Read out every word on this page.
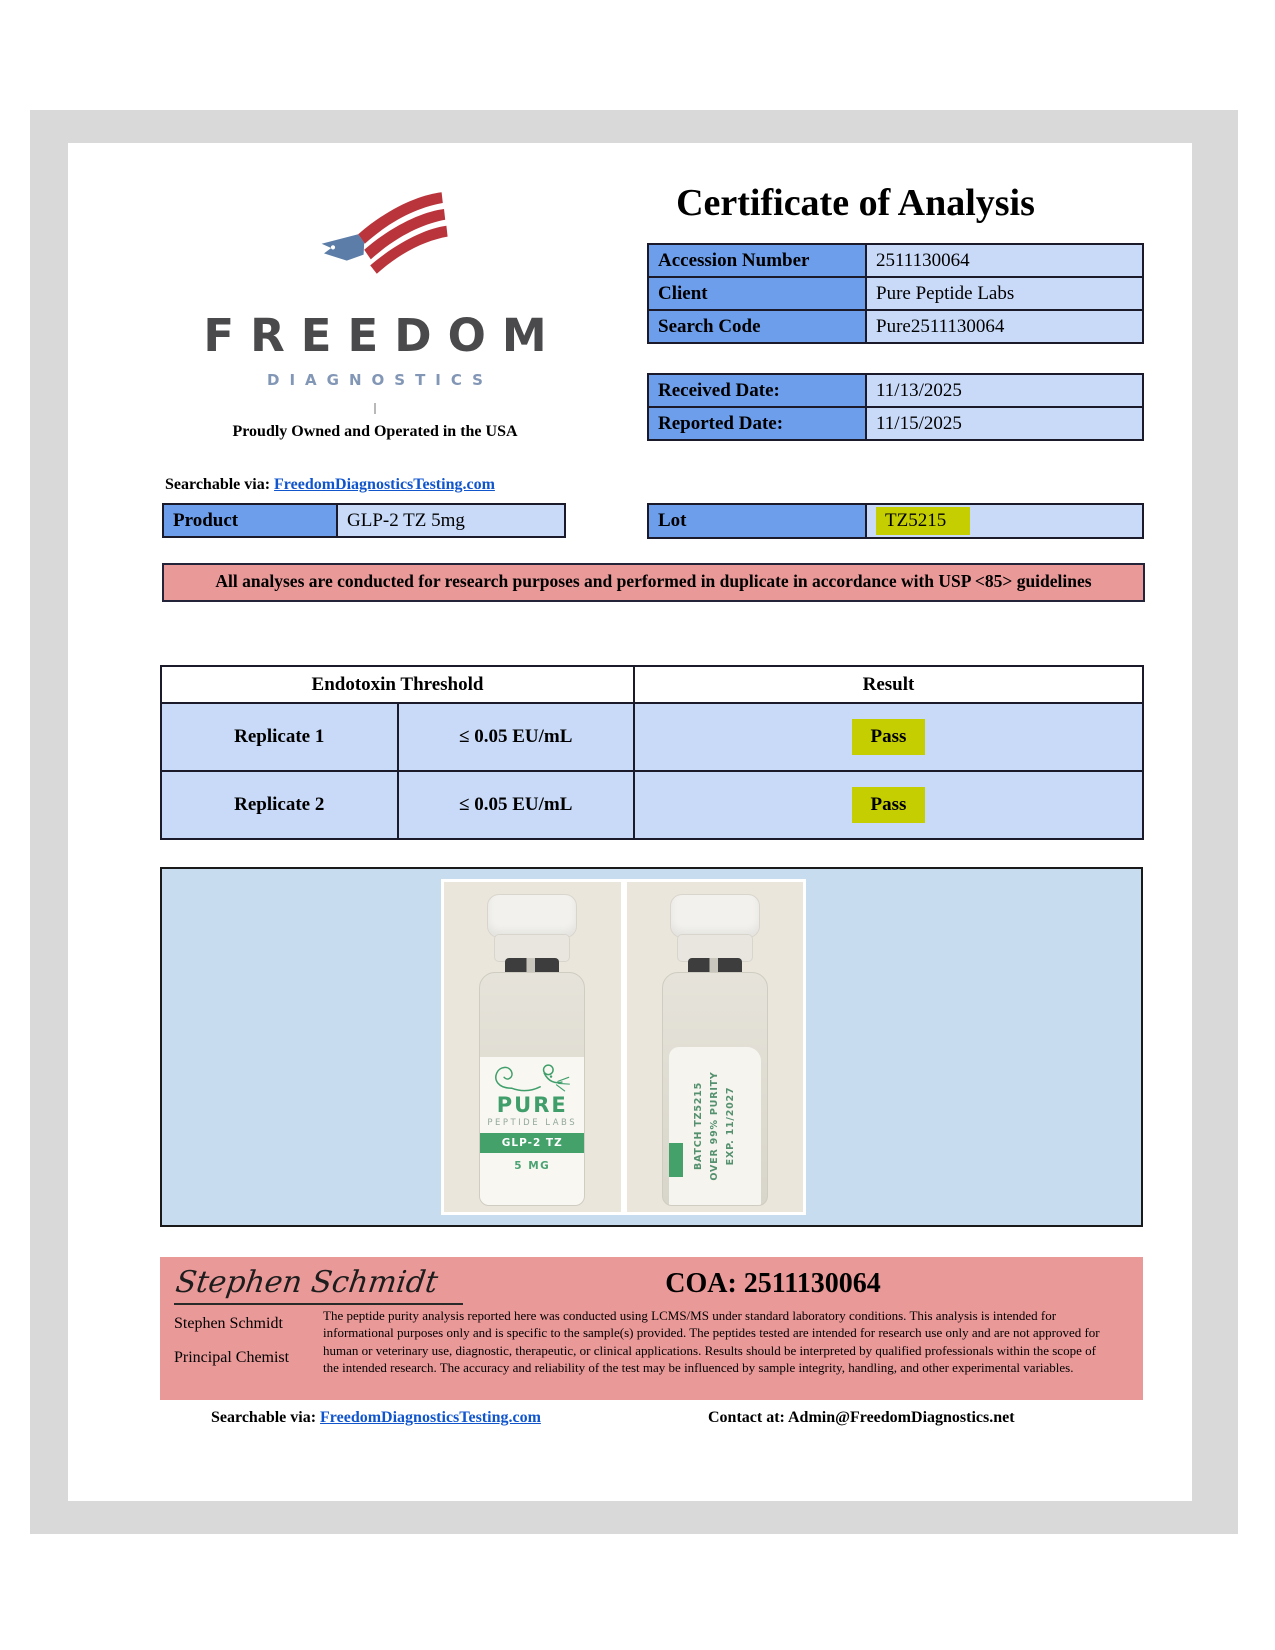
FREEDOM
DIAGNOSTICS
Proudly Owned and Operated in the USA
Searchable via: FreedomDiagnosticsTesting.com
Certificate of Analysis
Accession Number	2511130064
Client	Pure Peptide Labs
Search Code	Pure2511130064
Received Date:	11/13/2025
Reported Date:	11/15/2025
Product	GLP-2 TZ 5mg	Lot	TZ5215
All analyses are conducted for research purposes and performed in duplicate in accordance with USP <85> guidelines
Endotoxin Threshold		Result
Replicate 1	≤ 0.05 EU/mL	Pass
Replicate 2	≤ 0.05 EU/mL	Pass
PURE
PEPTIDE LABS
GLP-2 TZ
5 MG	BATCH TZ5215 OVER 99% PURITY EXP. 11/2027
Stephen Schmidt	COA: 2511130064
Stephen Schmidt
Principal Chemist
The peptide purity analysis reported here was conducted using LCMS/MS under standard laboratory conditions. This analysis is intended for informational purposes only and is specific to the sample(s) provided. The peptides tested are intended for research use only and are not approved for human or veterinary use, diagnostic, therapeutic, or clinical applications. Results should be interpreted by qualified professionals within the scope of the intended research. The accuracy and reliability of the test may be influenced by sample integrity, handling, and other experimental variables.
Searchable via: FreedomDiagnosticsTesting.com	Contact at: Admin@FreedomDiagnostics.net
